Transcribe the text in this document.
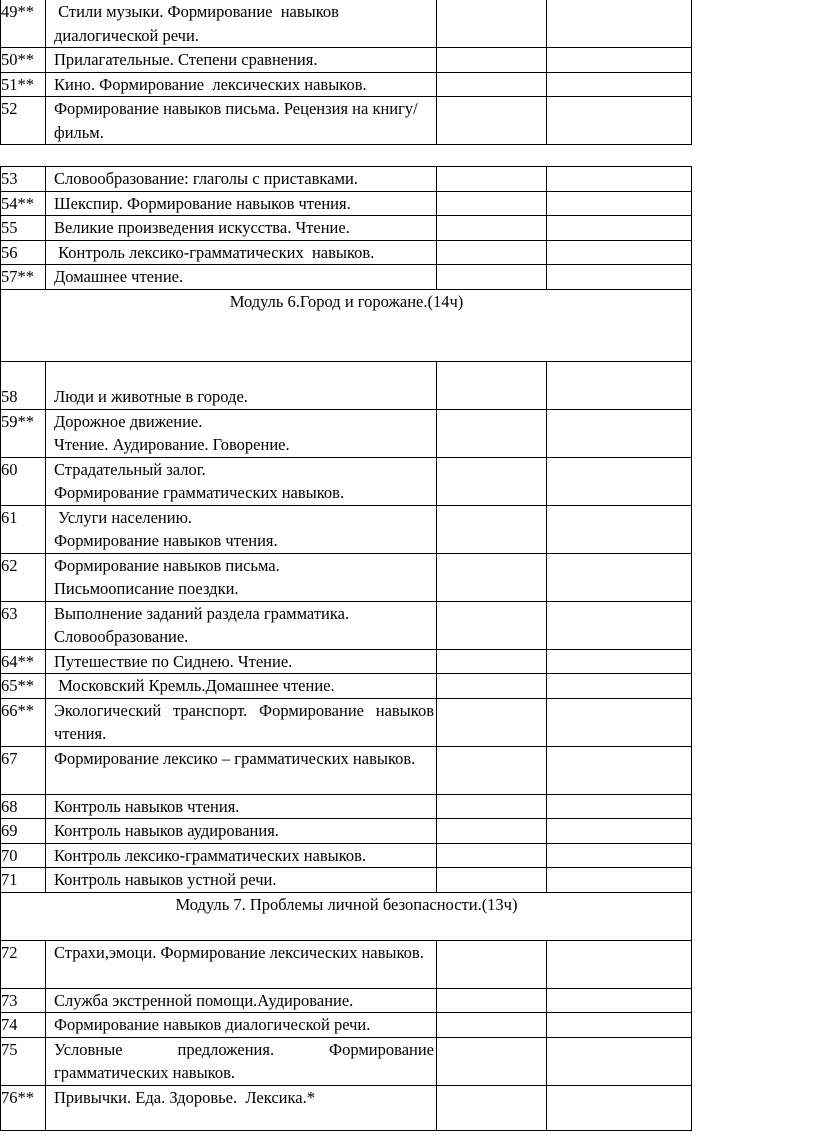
49**	Стили музыки. Формирование  навыков диалогической речи.		
50**	Прилагательные. Степени сравнения.		
51**	Кино. Формирование  лексических навыков.		
52	Формирование навыков письма. Рецензия на книгу/фильм.		
53	Словообразование: глаголы с приставками.		
54**	Шекспир. Формирование навыков чтения.		
55	Великие произведения искусства. Чтение.		
56	Контроль лексико-грамматических  навыков.		
57**	Домашнее чтение.		
Модуль 6.Город и горожане.(14ч)			
58	Люди и животные в городе.		
59**	Дорожное движение.
Чтение. Аудирование. Говорение.		

60	Страдательный залог.
Формирование грамматических навыков.		

61	Услуги населению.
Формирование навыков чтения.		

62	Формирование навыков письма.
Письмоописание поездки.		

63	Выполнение заданий раздела грамматика.
Словообразование.		

64**	Путешествие по Сиднею. Чтение.		
65**	Московский Кремль.Домашнее чтение.		
66**	Экологический транспорт. Формирование навыков чтения.		
67	Формирование лексико – грамматических навыков.		
68	Контроль навыков чтения.		
69	Контроль навыков аудирования.		
70	Контроль лексико-грамматических навыков.		
71	Контроль навыков устной речи.		
Модуль 7. Проблемы личной безопасности.(13ч)			
72	Страхи,эмоци. Формирование лексических навыков.		
73	Служба экстренной помощи.Аудирование.		
74	Формирование навыков диалогической речи.		
75	Условные предложения. Формирование грамматических навыков.		
76**	Привычки. Еда. Здоровье.  Лексика.*		
